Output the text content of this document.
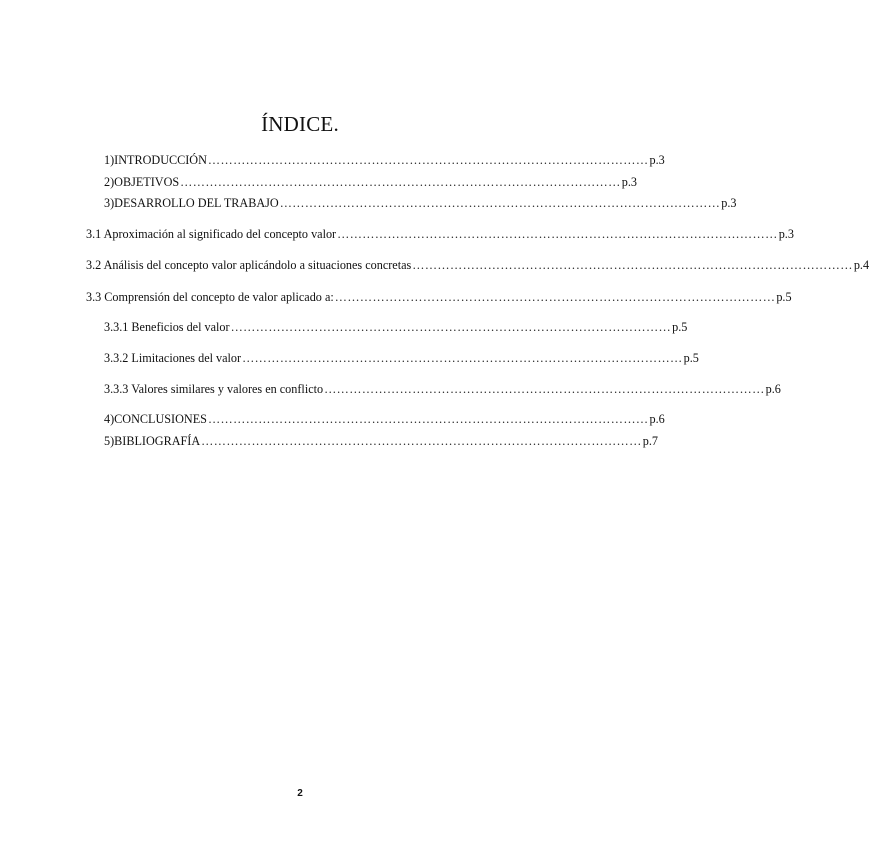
ÍNDICE.
1) INTRODUCCIÓN …………………………………………………………………………………………… p.3
2) OBJETIVOS …………………………………………………………………………………………… p.3
3) DESARROLLO DEL TRABAJO …………………………………………………………………………………………… p.3
3.1 Aproximación al significado del concepto valor …………………………………………………………………………………………… p.3
3.2 Análisis del concepto valor aplicándolo a situaciones concretas …………………………………………………………………………………………… p.4
3.3 Comprensión del concepto de valor aplicado a: …………………………………………………………………………………………… p.5
3.3.1 Beneficios del valor …………………………………………………………………………………………… p.5
3.3.2 Limitaciones del valor …………………………………………………………………………………………… p.5
3.3.3 Valores similares y valores en conflicto …………………………………………………………………………………………… p.6
4) CONCLUSIONES …………………………………………………………………………………………… p.6
5) BIBLIOGRAFÍA …………………………………………………………………………………………… p.7
2
